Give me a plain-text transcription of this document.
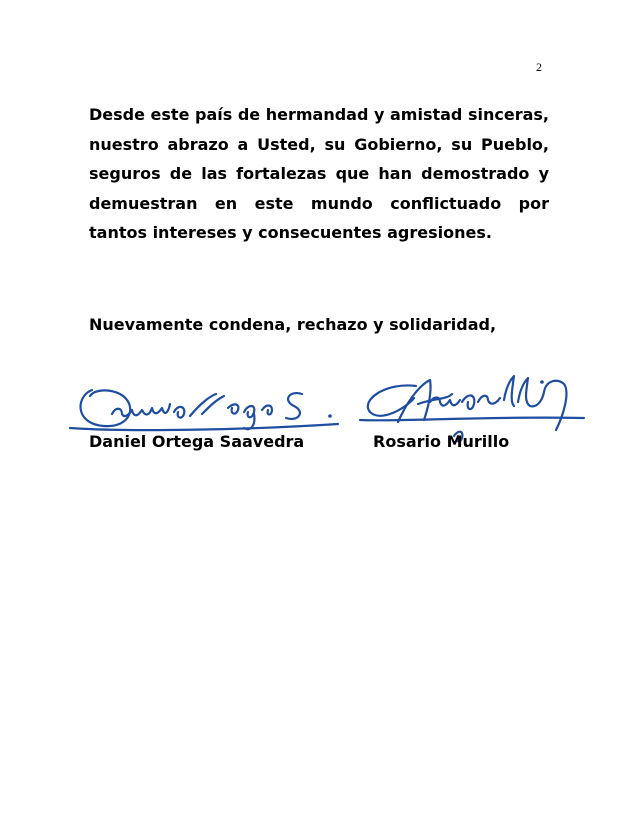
2

Desde este país de hermandad y amistad sinceras, nuestro abrazo a Usted, su Gobierno, su Pueblo, seguros de las fortalezas que han demostrado y demuestran en este mundo conflictuado por tantos intereses y consecuentes agresiones.

Nuevamente condena, rechazo y solidaridad,

Daniel Ortega Saavedra	Rosario Murillo
